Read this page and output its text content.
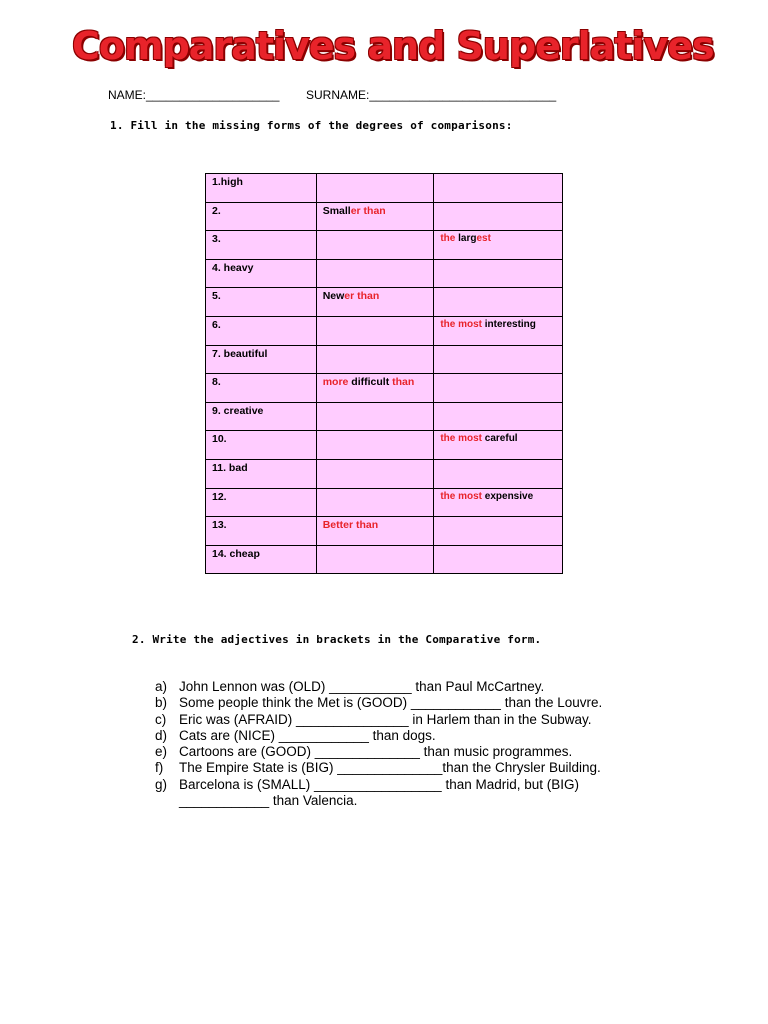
Comparatives and Superlatives
NAME:____________________ SURNAME:____________________________
1. Fill in the missing forms of the degrees of comparisons:
1.high		
2.	Smaller than	
3.		the largest
4. heavy		
5.	Newer than	
6.		the most interesting
7. beautiful		
8.	more difficult than	
9. creative		
10.		the most careful
11. bad		
12.		the most expensive
13.	Better than	
14. cheap		
2. Write the adjectives in brackets in the Comparative form.
a) John Lennon was (OLD) ___________ than Paul McCartney.
b) Some people think the Met is (GOOD) ____________ than the Louvre.
c) Eric was (AFRAID) _______________ in Harlem than in the Subway.
d) Cats are (NICE) ____________ than dogs.
e) Cartoons are (GOOD) ______________ than music programmes.
f) The Empire State is (BIG) ______________than the Chrysler Building.
g) Barcelona is (SMALL) _________________ than Madrid, but (BIG) ____________ than Valencia.
